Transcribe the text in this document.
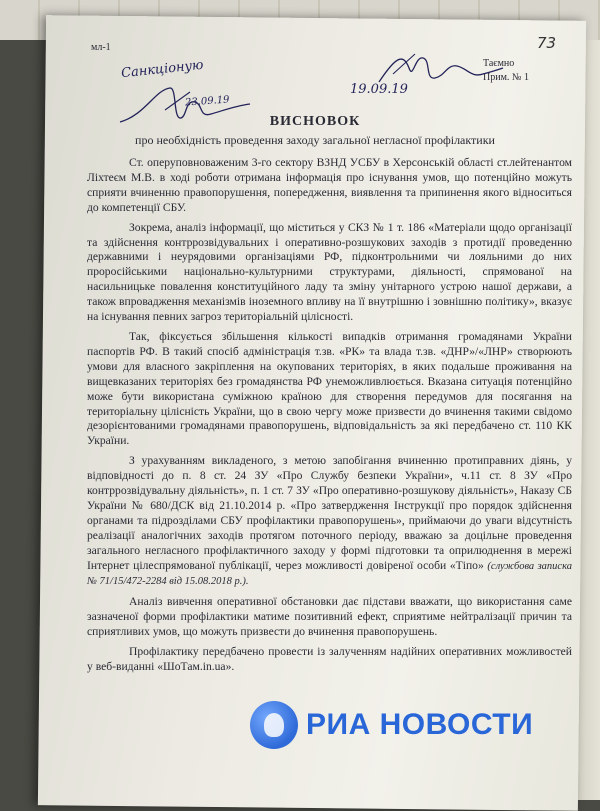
73
мл-1
Таємно
Прим. № 1
Санкціоную
23.09.19
19.09.19
ВИСНОВОК
про необхідність проведення заходу загальної негласної профілактики

Ст. оперуповноваженим 3-го сектору ВЗНД УСБУ в Херсонській області ст.лейтенантом Ліхтеєм М.В. в ході роботи отримана інформація про існування умов, що потенційно можуть сприяти вчиненню правопорушення, попередження, виявлення та припинення якого відноситься до компетенції СБУ.

Зокрема, аналіз інформації, що міститься у СКЗ № 1 т. 186 «Матеріали щодо організації та здійснення контррозвідувальних і оперативно-розшукових заходів з протидії проведенню державними і неурядовими організаціями РФ, підконтрольними чи лояльними до них проросійськими національно-культурними структурами, діяльності, спрямованої на насильницьке повалення конституційного ладу та зміну унітарного устрою нашої держави, а також впровадження механізмів іноземного впливу на її внутрішню і зовнішню політику», вказує на існування певних загроз територіальній цілісності.

Так, фіксується збільшення кількості випадків отримання громадянами України паспортів РФ. В такий спосіб адміністрація т.зв. «РК» та влада т.зв. «ДНР»/«ЛНР» створюють умови для власного закріплення на окупованих територіях, в яких подальше проживання на вищевказаних територіях без громадянства РФ унеможливлюється. Вказана ситуація потенційно може бути використана суміжною країною для створення передумов для посягання на територіальну цілісність України, що в свою чергу може призвести до вчинення такими свідомо дезорієнтованими громадянами правопорушень, відповідальність за які передбачено ст. 110 КК України.

З урахуванням викладеного, з метою запобігання вчиненню протиправних діянь, у відповідності до п. 8 ст. 24 ЗУ «Про Службу безпеки України», ч.11 ст. 8 ЗУ «Про контррозвідувальну діяльність», п. 1 ст. 7 ЗУ «Про оперативно-розшукову діяльність», Наказу СБ України № 680/ДСК від 21.10.2014 р. «Про затвердження Інструкції про порядок здійснення органами та підрозділами СБУ профілактики правопорушень», приймаючи до уваги відсутність реалізації аналогічних заходів протягом поточного періоду, вважаю за доцільне проведення загального негласного профілактичного заходу у формі підготовки та оприлюднення в мережі Інтернет цілеспрямованої публікації, через можливості довіреної особи «Тіпо» (службова записка № 71/15/472-2284 від 15.08.2018 р.).

Аналіз вивчення оперативної обстановки дає підстави вважати, що використання саме зазначеної форми профілактики матиме позитивний ефект, сприятиме нейтралізації причин та сприятливих умов, що можуть призвести до вчинення правопорушень.

Профілактику передбачено провести із залученням надійних оперативних можливостей у веб-виданні «ШоТам.in.ua».

РИА НОВОСТИ
